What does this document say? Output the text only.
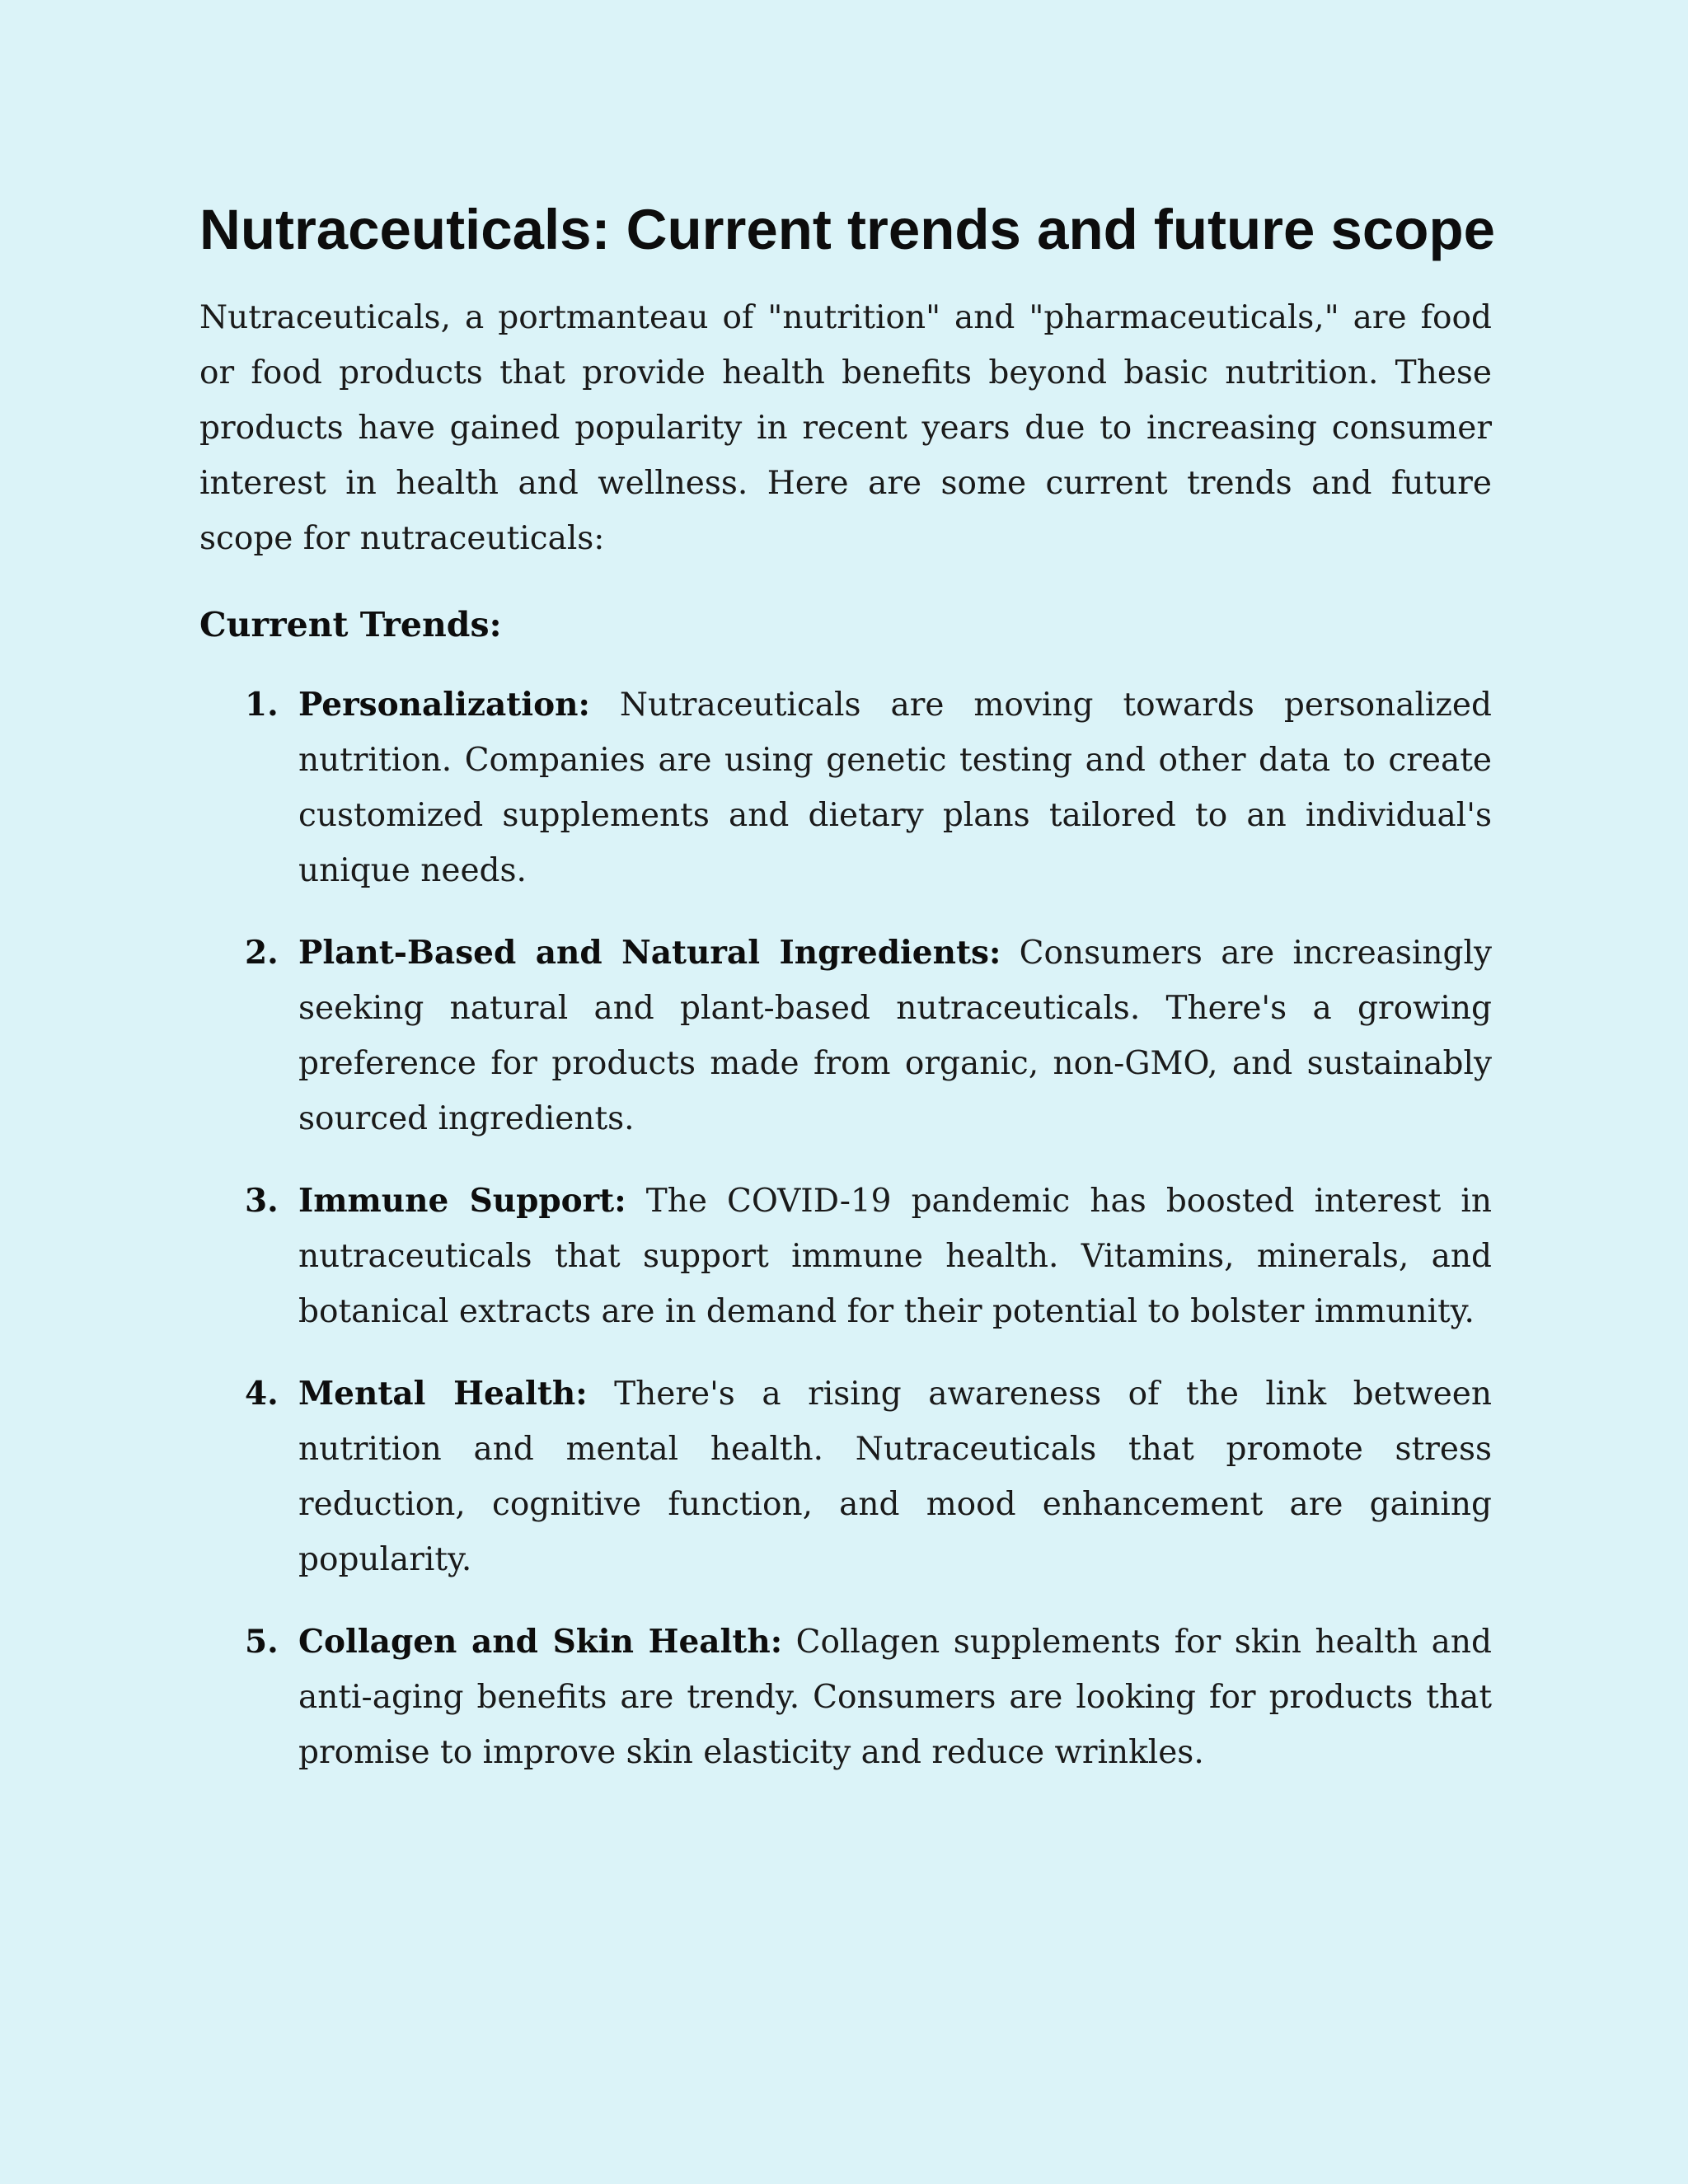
Nutraceuticals: Current trends and future scope

Nutraceuticals, a portmanteau of "nutrition" and "pharmaceuticals," are food or food products that provide health benefits beyond basic nutrition. These products have gained popularity in recent years due to increasing consumer interest in health and wellness. Here are some current trends and future scope for nutraceuticals:

Current Trends:
1. Personalization: Nutraceuticals are moving towards personalized nutrition. Companies are using genetic testing and other data to create customized supplements and dietary plans tailored to an individual's unique needs.
2. Plant-Based and Natural Ingredients: Consumers are increasingly seeking natural and plant-based nutraceuticals. There's a growing preference for products made from organic, non-GMO, and sustainably sourced ingredients.
3. Immune Support: The COVID-19 pandemic has boosted interest in nutraceuticals that support immune health. Vitamins, minerals, and botanical extracts are in demand for their potential to bolster immunity.
4. Mental Health: There's a rising awareness of the link between nutrition and mental health. Nutraceuticals that promote stress reduction, cognitive function, and mood enhancement are gaining popularity.
5. Collagen and Skin Health: Collagen supplements for skin health and anti-aging benefits are trendy. Consumers are looking for products that promise to improve skin elasticity and reduce wrinkles.
